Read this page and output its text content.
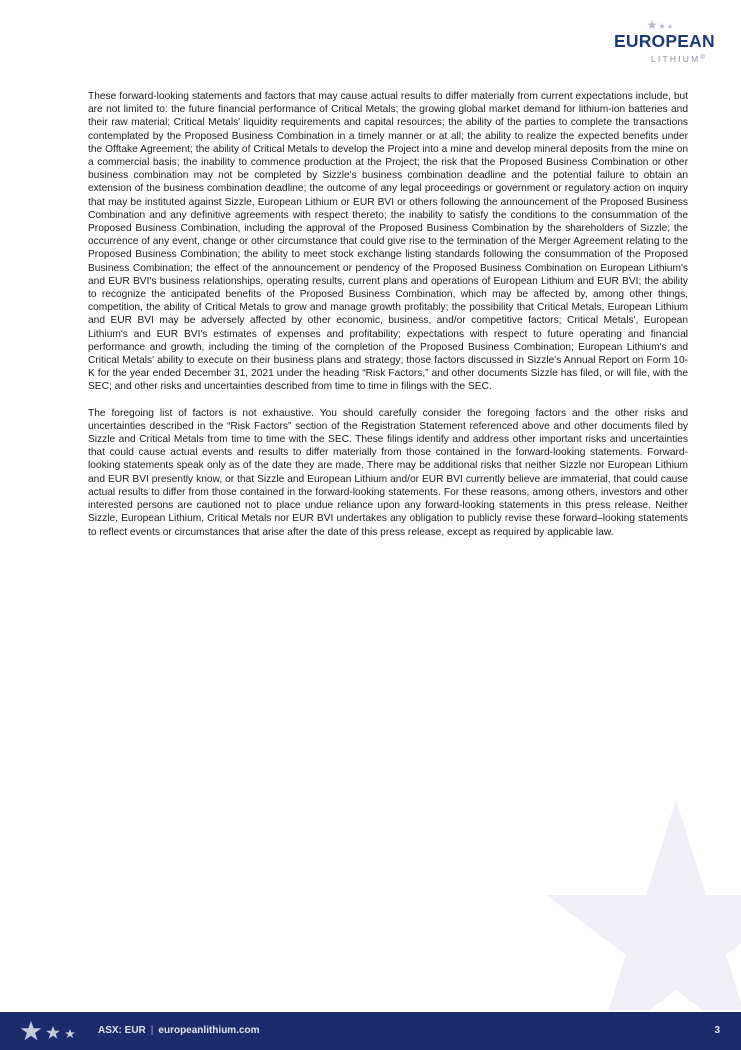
EUROPEAN
LITHIUM®

These forward-looking statements and factors that may cause actual results to differ materially from current expectations include, but are not limited to: the future financial performance of Critical Metals; the growing global market demand for lithium-ion batteries and their raw material; Critical Metals' liquidity requirements and capital resources; the ability of the parties to complete the transactions contemplated by the Proposed Business Combination in a timely manner or at all; the ability to realize the expected benefits under the Offtake Agreement; the ability of Critical Metals to develop the Project into a mine and develop mineral deposits from the mine on a commercial basis; the inability to commence production at the Project; the risk that the Proposed Business Combination or other business combination may not be completed by Sizzle's business combination deadline and the potential failure to obtain an extension of the business combination deadline; the outcome of any legal proceedings or government or regulatory action on inquiry that may be instituted against Sizzle, European Lithium or EUR BVI or others following the announcement of the Proposed Business Combination and any definitive agreements with respect thereto; the inability to satisfy the conditions to the consummation of the Proposed Business Combination, including the approval of the Proposed Business Combination by the shareholders of Sizzle; the occurrence of any event, change or other circumstance that could give rise to the termination of the Merger Agreement relating to the Proposed Business Combination; the ability to meet stock exchange listing standards following the consummation of the Proposed Business Combination; the effect of the announcement or pendency of the Proposed Business Combination on European Lithium's and EUR BVI's business relationships, operating results, current plans and operations of European Lithium and EUR BVI; the ability to recognize the anticipated benefits of the Proposed Business Combination, which may be affected by, among other things, competition, the ability of Critical Metals to grow and manage growth profitably; the possibility that Critical Metals, European Lithium and EUR BVI may be adversely affected by other economic, business, and/or competitive factors; Critical Metals', European Lithium's and EUR BVI's estimates of expenses and profitability; expectations with respect to future operating and financial performance and growth, including the timing of the completion of the Proposed Business Combination; European Lithium's and Critical Metals' ability to execute on their business plans and strategy; those factors discussed in Sizzle's Annual Report on Form 10-K for the year ended December 31, 2021 under the heading “Risk Factors,” and other documents Sizzle has filed, or will file, with the SEC; and other risks and uncertainties described from time to time in filings with the SEC.

The foregoing list of factors is not exhaustive. You should carefully consider the foregoing factors and the other risks and uncertainties described in the “Risk Factors” section of the Registration Statement referenced above and other documents filed by Sizzle and Critical Metals from time to time with the SEC. These filings identify and address other important risks and uncertainties that could cause actual events and results to differ materially from those contained in the forward-looking statements. Forward-looking statements speak only as of the date they are made. There may be additional risks that neither Sizzle nor European Lithium and EUR BVI presently know, or that Sizzle and European Lithium and/or EUR BVI currently believe are immaterial, that could cause actual results to differ from those contained in the forward-looking statements. For these reasons, among others, investors and other interested persons are cautioned not to place undue reliance upon any forward-looking statements in this press release. Neither Sizzle, European Lithium, Critical Metals nor EUR BVI undertakes any obligation to publicly revise these forward–looking statements to reflect events or circumstances that arise after the date of this press release, except as required by applicable law.

ASX: EUR | europeanlithium.com	3
